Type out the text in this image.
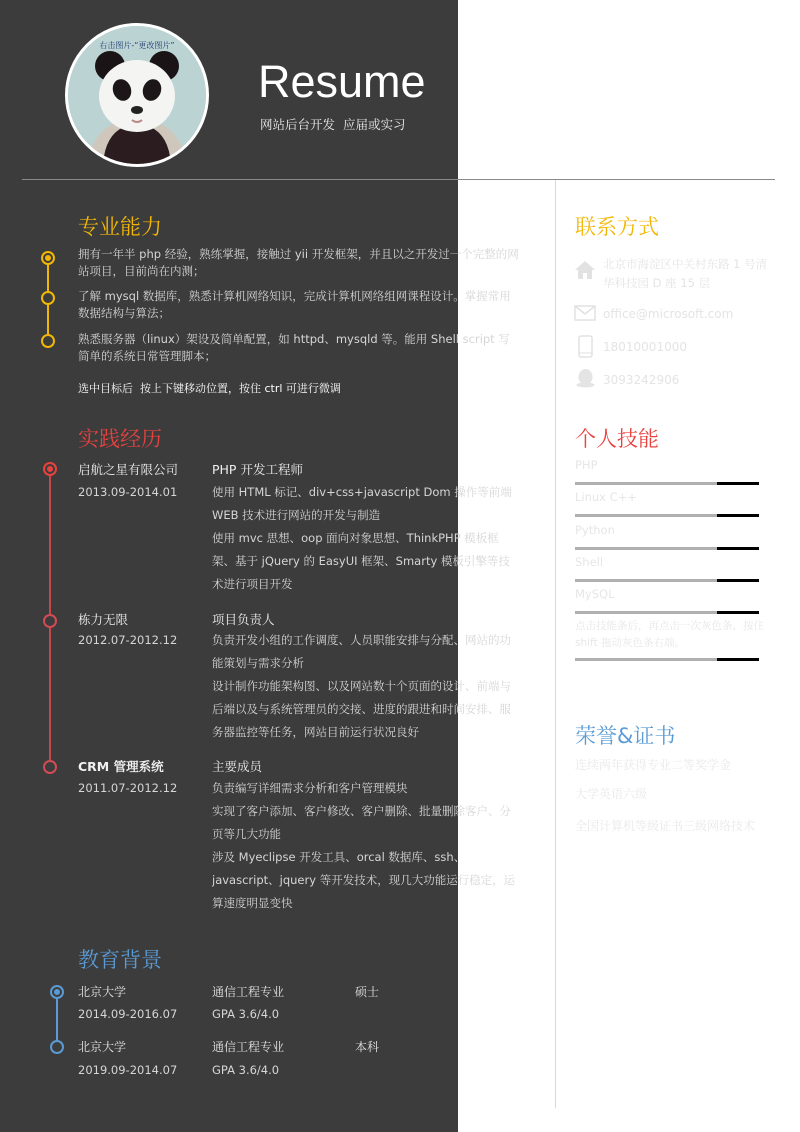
右击图片-“更改图片”
Resume
网站后台开发  应届或实习
专业能力
拥有一年半 php 经验，熟练掌握，接触过 yii 开发框架，并且以之开发过一个完整的网站项目，目前尚在内测；
了解 mysql 数据库，熟悉计算机网络知识，完成计算机网络组网课程设计。掌握常用数据结构与算法；
熟悉服务器（linux）架设及简单配置，如 httpd、mysqld 等。能用 Shell script 写简单的系统日常管理脚本；
选中目标后  按上下键移动位置，按住 ctrl 可进行微调
实践经历
启航之星有限公司
2013.09-2014.01
PHP 开发工程师
使用 HTML 标记、div+css+javascript Dom 操作等前端 WEB 技术进行网站的开发与制造
使用 mvc 思想、oop 面向对象思想、ThinkPHP 模板框架、基于 jQuery 的 EasyUI 框架、Smarty 模板引擎等技术进行项目开发
栋力无限
2012.07-2012.12
项目负责人
负责开发小组的工作调度、人员职能安排与分配、网站的功能策划与需求分析
设计制作功能架构图、以及网站数十个页面的设计、前端与后端以及与系统管理员的交接、进度的跟进和时间安排、服务器监控等任务，网站目前运行状况良好
CRM 管理系统
2011.07-2012.12
主要成员
负责编写详细需求分析和客户管理模块
实现了客户添加、客户修改、客户删除、批量删除客户、分页等几大功能
涉及 Myeclipse 开发工具、orcal 数据库、ssh、javascript、jquery 等开发技术，现几大功能运行稳定，运算速度明显变快
教育背景
北京大学
2014.09-2016.07
通信工程专业
GPA 3.6/4.0
硕士
北京大学
2019.09-2014.07
通信工程专业
GPA 3.6/4.0
本科
联系方式
北京市海淀区中关村东路 1 号清华科技园 D 座 15 层
office@microsoft.com
18010001000
3093242906
个人技能
PHP
Linux C++
Python
Shell
MySQL
点击技能条后，再点击一次灰色条，按住 shift 拖动灰色条右端。
荣誉&证书
连续两年获得专业二等奖学金
大学英语六级
全国计算机等级证书三级网络技术
